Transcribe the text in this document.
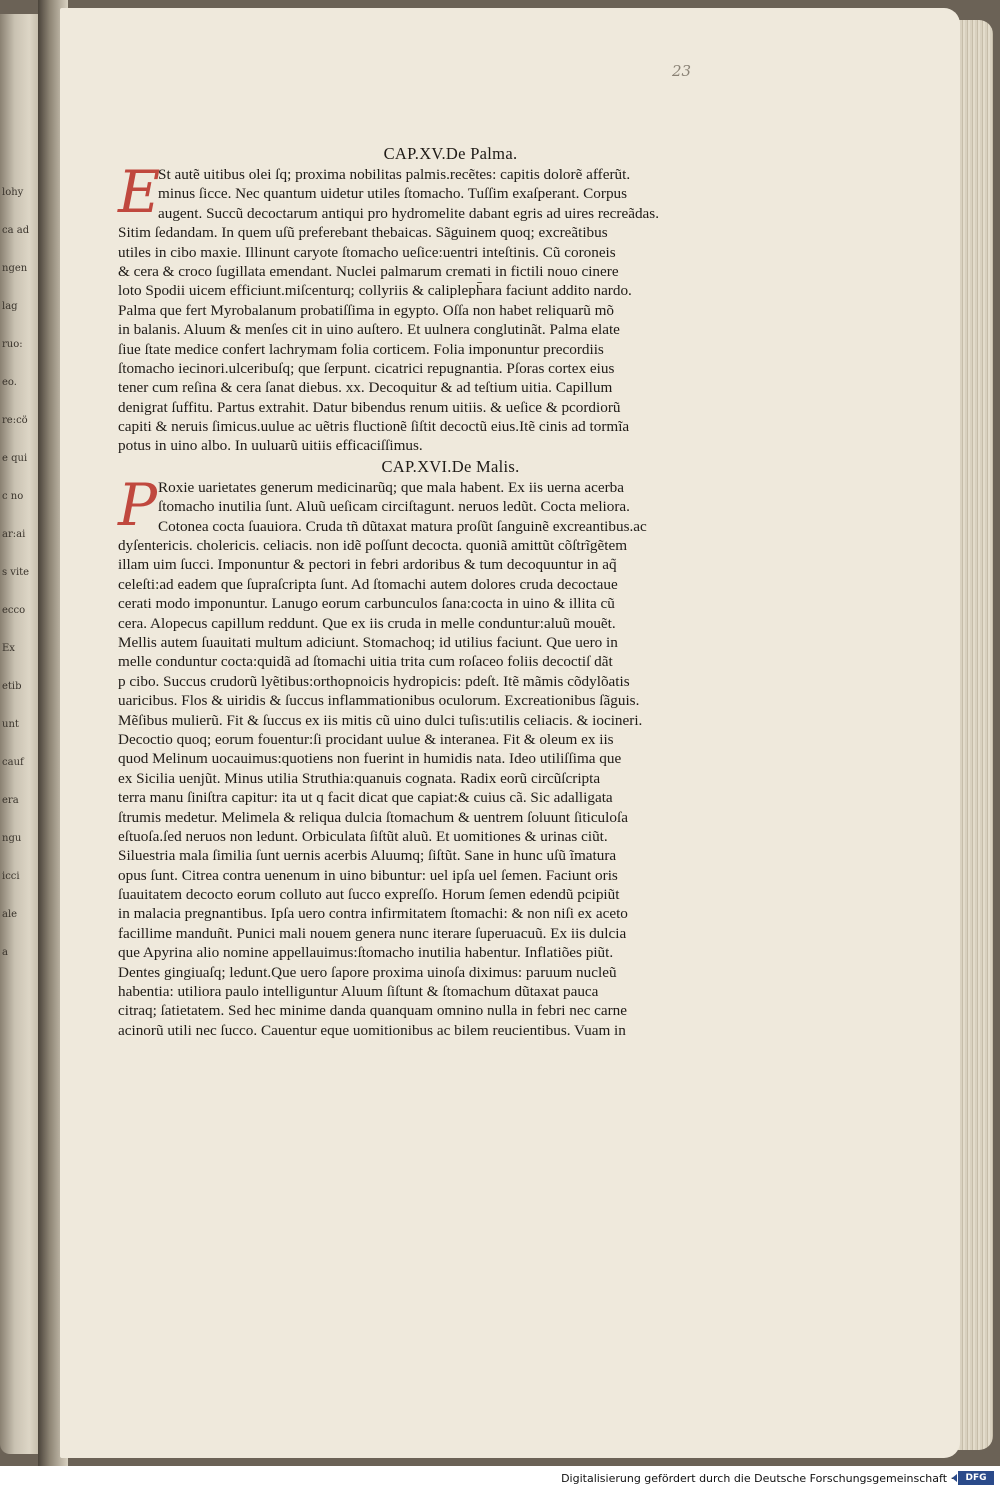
lohy
ca ad
ngen
lag
ruo:
eo.
re:cö
e qui
c no
ar:ai
s vite
ecco
Ex
etib
unt
cauf
era
ngu
icci
ale
a
23
CAP.XV.De Palma.
E
St autẽ uitibus olei ſq; proxima nobilitas palmis.recẽtes: capitis dolorẽ afferũt.
minus ſicce. Nec quantum uidetur utiles ſtomacho. Tuſſim exaſperant. Corpus
augent. Succũ decoctarum antiqui pro hydromelite dabant egris ad uires recreãdas.
Sitim ſedandam. In quem uſũ preferebant thebaicas. Sãguinem quoq; excreãtibus
utiles in cibo maxie. Illinunt caryote ſtomacho ueſice:uentri inteſtinis. Cũ coroneis
& cera & croco ſugillata emendant. Nuclei palmarum cremati in fictili nouo cinere
loto Spodii uicem efficiunt.miſcenturq; collyriis & calipleph̄ara faciunt addito nardo.
Palma que fert Myrobalanum probatiſſima in egypto. Oſſa non habet reliquarũ mõ
in balanis. Aluum & menſes cit in uino auſtero. Et uulnera conglutinãt. Palma elate
ſiue ſtate medice confert lachrymam folia corticem. Folia imponuntur precordiis
ſtomacho iecinori.ulceribuſq; que ſerpunt. cicatrici repugnantia. Pſoras cortex eius
tener cum reſina & cera ſanat diebus. xx. Decoquitur & ad teſtium uitia. Capillum
denigrat ſuffitu. Partus extrahit. Datur bibendus renum uitiis. & ueſice & pcordiorũ
capiti & neruis ſimicus.uulue ac uẽtris fluctionẽ ſiſtit decoctũ eius.Itẽ cinis ad tormĩa
potus in uino albo. In uuluarũ uitiis efficaciſſimus.
CAP.XVI.De Malis.
P Roxie uarietates generum medicinarũq; que mala habent. Ex iis uerna acerba
ſtomacho inutilia ſunt. Aluũ ueſicam circiſtagunt. neruos ledũt. Cocta meliora.
Cotonea cocta ſuauiora. Cruda tñ dũtaxat matura proſũt ſanguinẽ excreantibus.ac
dyſentericis. cholericis. celiacis. non idẽ poſſunt decocta. quoniã amittũt cõſtrĩgẽtem
illam uim ſucci. Imponuntur & pectori in febri ardoribus & tum decoquuntur in aq̃
celeſti:ad eadem que ſupraſcripta ſunt. Ad ſtomachi autem dolores cruda decoctaue
cerati modo imponuntur. Lanugo eorum carbunculos ſana:cocta in uino & illita cũ
cera. Alopecus capillum reddunt. Que ex iis cruda in melle conduntur:aluũ mouẽt.
Mellis autem ſuauitati multum adiciunt. Stomachoq; id utilius faciunt. Que uero in
melle conduntur cocta:quidã ad ſtomachi uitia trita cum roſaceo foliis decoctiſ dãt
p cibo. Succus crudorũ lyẽtibus:orthopnoicis hydropicis: pdeſt. Itẽ mãmis cõdylõatis
uaricibus. Flos & uiridis & ſuccus inflammationibus oculorum. Excreationibus ſãguis.
Mẽſibus mulierũ. Fit & ſuccus ex iis mitis cũ uino dulci tuſis:utilis celiacis. & iocineri.
Decoctio quoq; eorum fouentur:ſi procidant uulue & interanea. Fit & oleum ex iis
quod Melinum uocauimus:quotiens non fuerint in humidis nata. Ideo utiliſſima que
ex Sicilia uenjũt. Minus utilia Struthia:quanuis cognata. Radix eorũ circũſcripta
terra manu ſiniſtra capitur: ita ut q facit dicat que capiat:& cuius cã. Sic adalligata
ſtrumis medetur. Melimela & reliqua dulcia ſtomachum & uentrem ſoluunt ſiticuloſa
eſtuoſa.ſed neruos non ledunt. Orbiculata ſiſtũt aluũ. Et uomitiones & urinas ciũt.
Siluestria mala ſimilia ſunt uernis acerbis Aluumq; ſiſtũt. Sane in hunc uſũ ĩmatura
opus ſunt. Citrea contra uenenum in uino bibuntur: uel ipſa uel ſemen. Faciunt oris
ſuauitatem decocto eorum colluto aut ſucco expreſſo. Horum ſemen edendũ pcipiũt
in malacia pregnantibus. Ipſa uero contra infirmitatem ſtomachi: & non niſi ex aceto
facillime manduñt. Punici mali nouem genera nunc iterare ſuperuacuũ. Ex iis dulcia
que Apyrina alio nomine appellauimus:ſtomacho inutilia habentur. Inflatiões piũt.
Dentes gingiuaſq; ledunt.Que uero ſapore proxima uinoſa diximus: paruum nucleũ
habentia: utiliora paulo intelliguntur Aluum ſiſtunt & ſtomachum dũtaxat pauca
citraq; ſatietatem. Sed hec minime danda quanquam omnino nulla in febri nec carne
acinorũ utili nec ſucco. Cauentur eque uomitionibus ac bilem reucientibus. Vuam in
Digitalisierung gefördert durch die Deutsche Forschungsgemeinschaft ·	DFG
